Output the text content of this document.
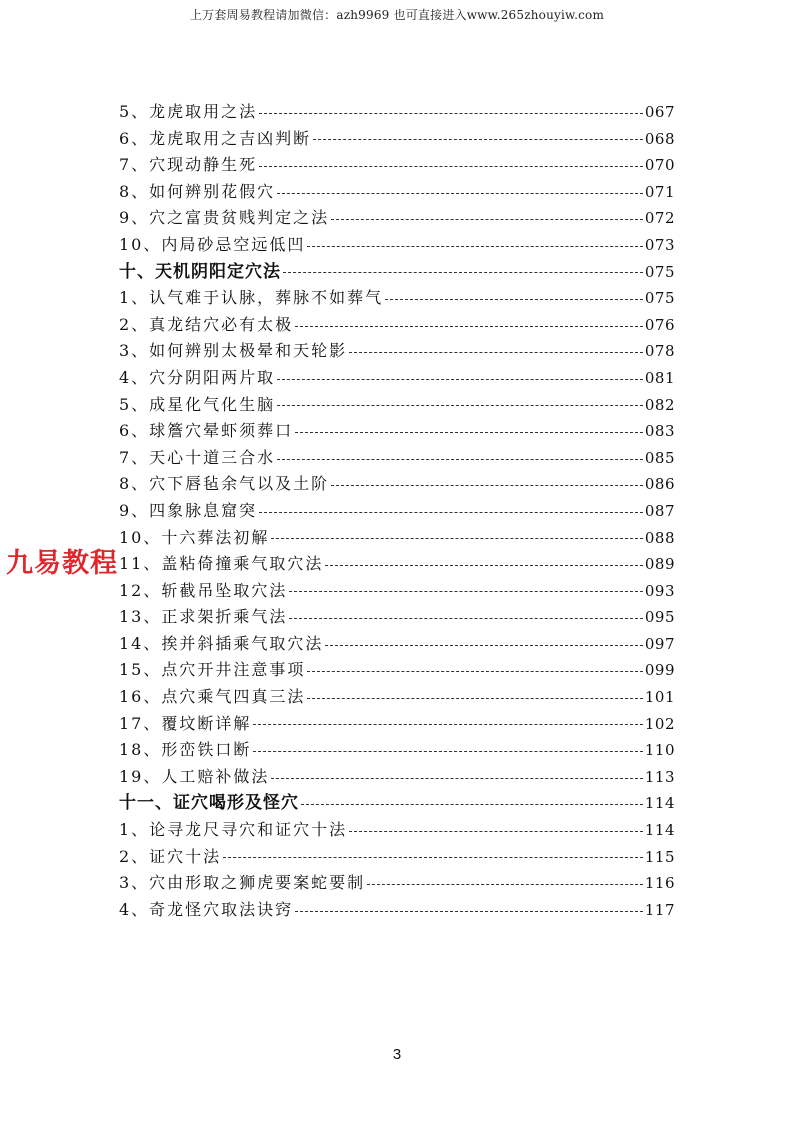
上万套周易教程请加微信：azh9969 也可直接进入www.265zhouyiw.com
5、龙虎取用之法	067
6、龙虎取用之吉凶判断	068
7、穴现动静生死	070
8、如何辨别花假穴	071
9、穴之富贵贫贱判定之法	072
10、内局砂忌空远低凹	073
十、天机阴阳定穴法	075
1、认气难于认脉，葬脉不如葬气	075
2、真龙结穴必有太极	076
3、如何辨别太极晕和天轮影	078
4、穴分阴阳两片取	081
5、成星化气化生脑	082
6、球簷穴晕虾须葬口	083
7、天心十道三合水	085
8、穴下唇毡余气以及土阶	086
9、四象脉息窟突	087
10、十六葬法初解	088
11、盖粘倚撞乘气取穴法	089
12、斩截吊坠取穴法	093
13、正求架折乘气法	095
14、挨并斜插乘气取穴法	097
15、点穴开井注意事项	099
16、点穴乘气四真三法	101
17、覆坟断详解	102
18、形峦铁口断	110
19、人工赔补做法	113
十一、证穴喝形及怪穴	114
1、论寻龙尺寻穴和证穴十法	114
2、证穴十法	115
3、穴由形取之狮虎要案蛇要制	116
4、奇龙怪穴取法诀窍	117
九易教程
3
